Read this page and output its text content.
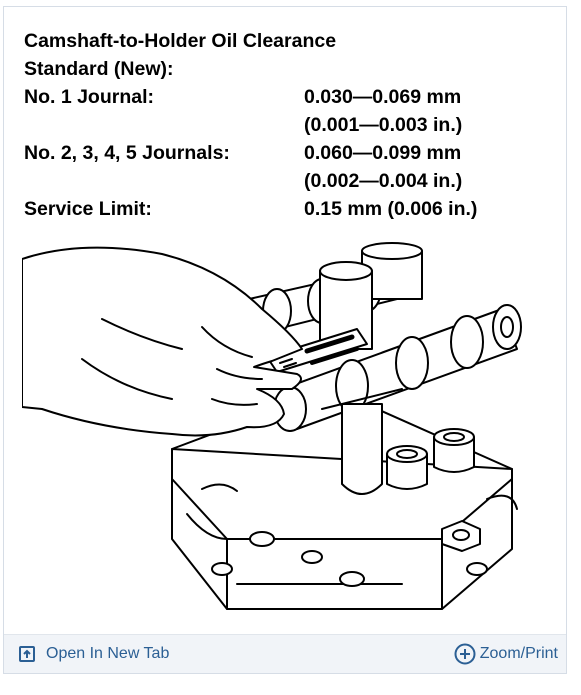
Camshaft-to-Holder Oil Clearance
Standard (New):
No. 1 Journal:	0.030—0.069 mm
(0.001—0.003 in.)
No. 2, 3, 4, 5 Journals:	0.060—0.099 mm
(0.002—0.004 in.)
Service Limit:	0.15 mm (0.006 in.)
Open In New Tab	Zoom/Print
